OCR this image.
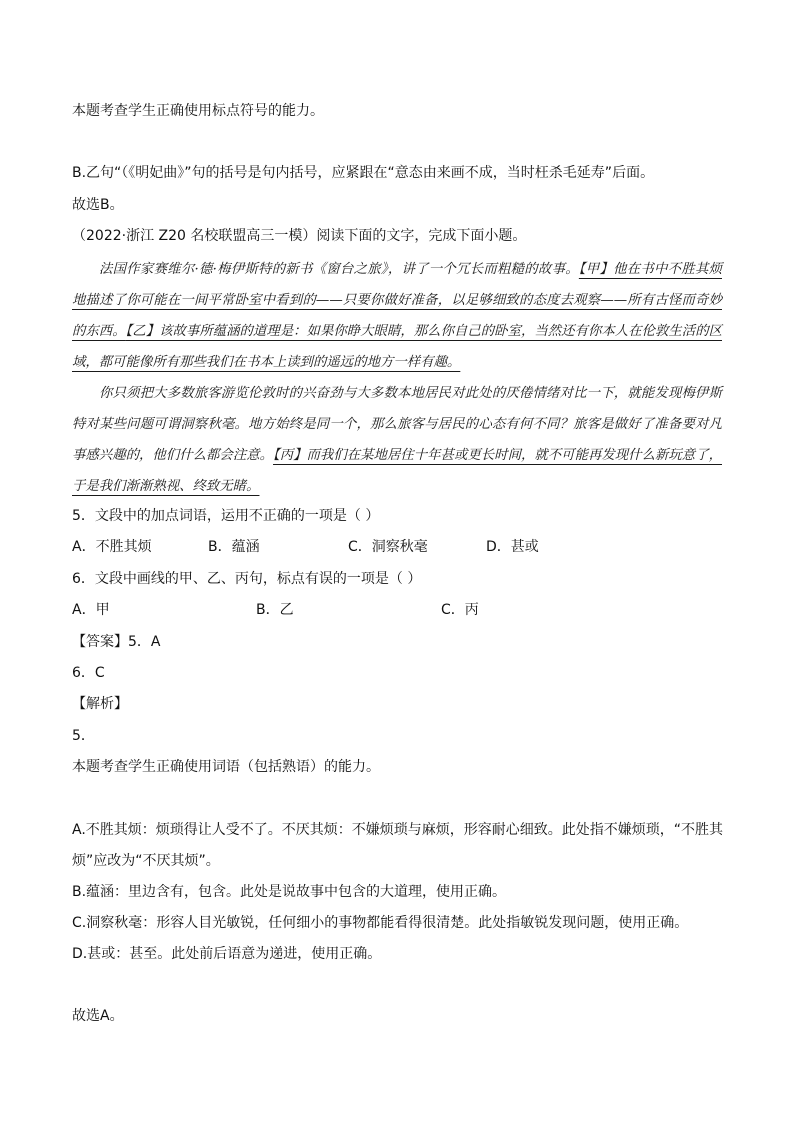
本题考查学生正确使用标点符号的能力。
B.乙句“（《明妃曲》”句的括号是句内括号，应紧跟在“意态由来画不成，当时枉杀毛延寿”后面。
故选B。
（2022·浙江 Z20 名校联盟高三一模）阅读下面的文字，完成下面小题。
法国作家赛维尔·德·梅伊斯特的新书《窗台之旅》，讲了一个冗长而粗糙的故事。【甲】他在书中不胜其烦地描述了你可能在一间平常卧室中看到的——只要你做好准备，以足够细致的态度去观察——所有古怪而奇妙的东西。【乙】该故事所蕴涵的道理是：如果你睁大眼睛，那么你自己的卧室，当然还有你本人在伦敦生活的区域，都可能像所有那些我们在书本上读到的遥远的地方一样有趣。
你只须把大多数旅客游览伦敦时的兴奋劲与大多数本地居民对此处的厌倦情绪对比一下，就能发现梅伊斯特对某些问题可谓洞察秋毫。地方始终是同一个，那么旅客与居民的心态有何不同？旅客是做好了准备要对凡事感兴趣的，他们什么都会注意。【丙】而我们在某地居住十年甚或更长时间，就不可能再发现什么新玩意了，于是我们渐渐熟视、终致无睹。
5．文段中的加点词语，运用不正确的一项是（ ）
A．不胜其烦	B．蕴涵	C．洞察秋毫	D．甚或
6．文段中画线的甲、乙、丙句，标点有误的一项是（ ）
A．甲	B．乙	C．丙
【答案】5．A
6．C
【解析】
5．
本题考查学生正确使用词语（包括熟语）的能力。
A.不胜其烦：烦琐得让人受不了。不厌其烦：不嫌烦琐与麻烦，形容耐心细致。此处指不嫌烦琐，“不胜其
烦”应改为“不厌其烦”。
B.蕴涵：里边含有，包含。此处是说故事中包含的大道理，使用正确。
C.洞察秋毫：形容人目光敏锐，任何细小的事物都能看得很清楚。此处指敏锐发现问题，使用正确。
D.甚或：甚至。此处前后语意为递进，使用正确。
故选A。
